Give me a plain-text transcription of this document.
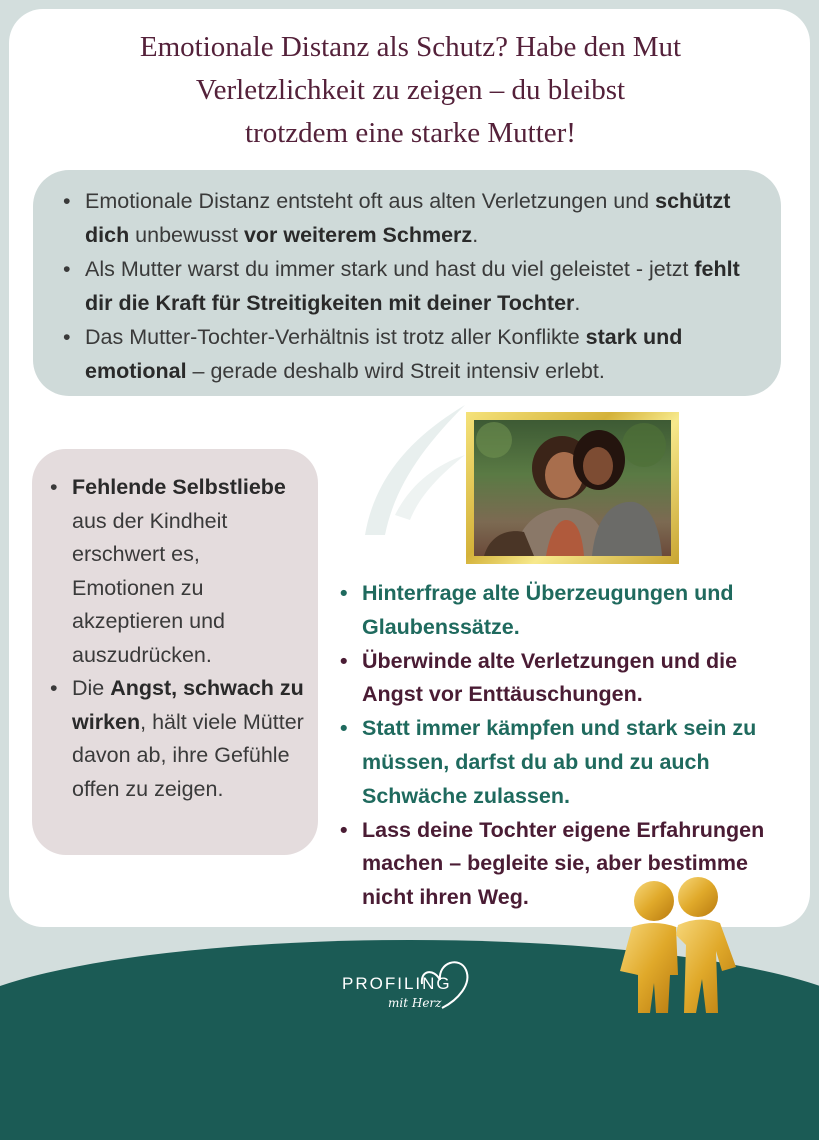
Emotionale Distanz als Schutz? Habe den Mut
Verletzlichkeit zu zeigen – du bleibst
trotzdem eine starke Mutter!
• Emotionale Distanz entsteht oft aus alten Verletzungen und schützt dich unbewusst vor weiterem Schmerz.
• Als Mutter warst du immer stark und hast du viel geleistet - jetzt fehlt dir die Kraft für Streitigkeiten mit deiner Tochter.
• Das Mutter-Tochter-Verhältnis ist trotz aller Konflikte stark und emotional – gerade deshalb wird Streit intensiv erlebt.
• Fehlende Selbstliebe aus der Kindheit erschwert es, Emotionen zu akzeptieren und auszudrücken.
• Die Angst, schwach zu wirken, hält viele Mütter davon ab, ihre Gefühle offen zu zeigen.
• Hinterfrage alte Überzeugungen und Glaubenssätze.
• Überwinde alte Verletzungen und die Angst vor Enttäuschungen.
• Statt immer kämpfen und stark sein zu müssen, darfst du ab und zu auch Schwäche zulassen.
• Lass deine Tochter eigene Erfahrungen machen – begleite sie, aber bestimme nicht ihren Weg.
PROFILING
mit Herz
